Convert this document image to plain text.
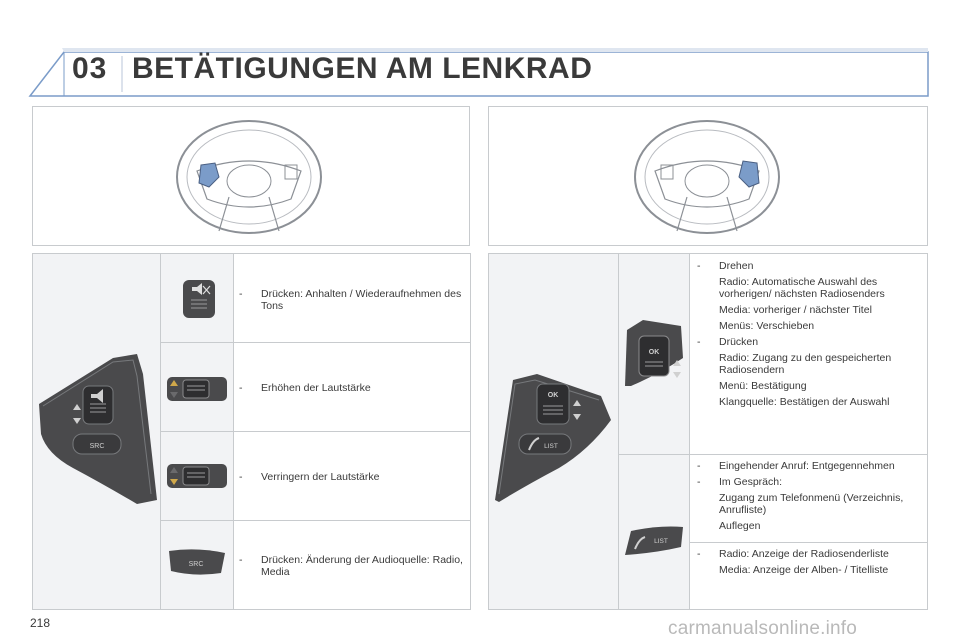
03 BETÄTIGUNGEN AM LENKRAD
SRC
SRC
-	Drücken: Anhalten / Wiederaufnehmen des Tons
-	Erhöhen der Lautstärke
-	Verringern der Lautstärke
-	Drücken: Änderung der Audioquelle: Radio, Media
OK
LIST
OK
LIST
-	Drehen
Radio: Automatische Auswahl des vorherigen/ nächsten Radiosenders
Media: vorheriger / nächster Titel
Menüs: Verschieben
-	Drücken
Radio: Zugang zu den gespeicherten Radiosendern
Menü: Bestätigung
Klangquelle: Bestätigen der Auswahl
-	Eingehender Anruf: Entgegennehmen
-	Im Gespräch:
Zugang zum Telefonmenü (Verzeichnis, Anrufliste)
Auflegen
-	Radio: Anzeige der Radiosenderliste
Media: Anzeige der Alben- / Titelliste
218	carmanualsonline.info
